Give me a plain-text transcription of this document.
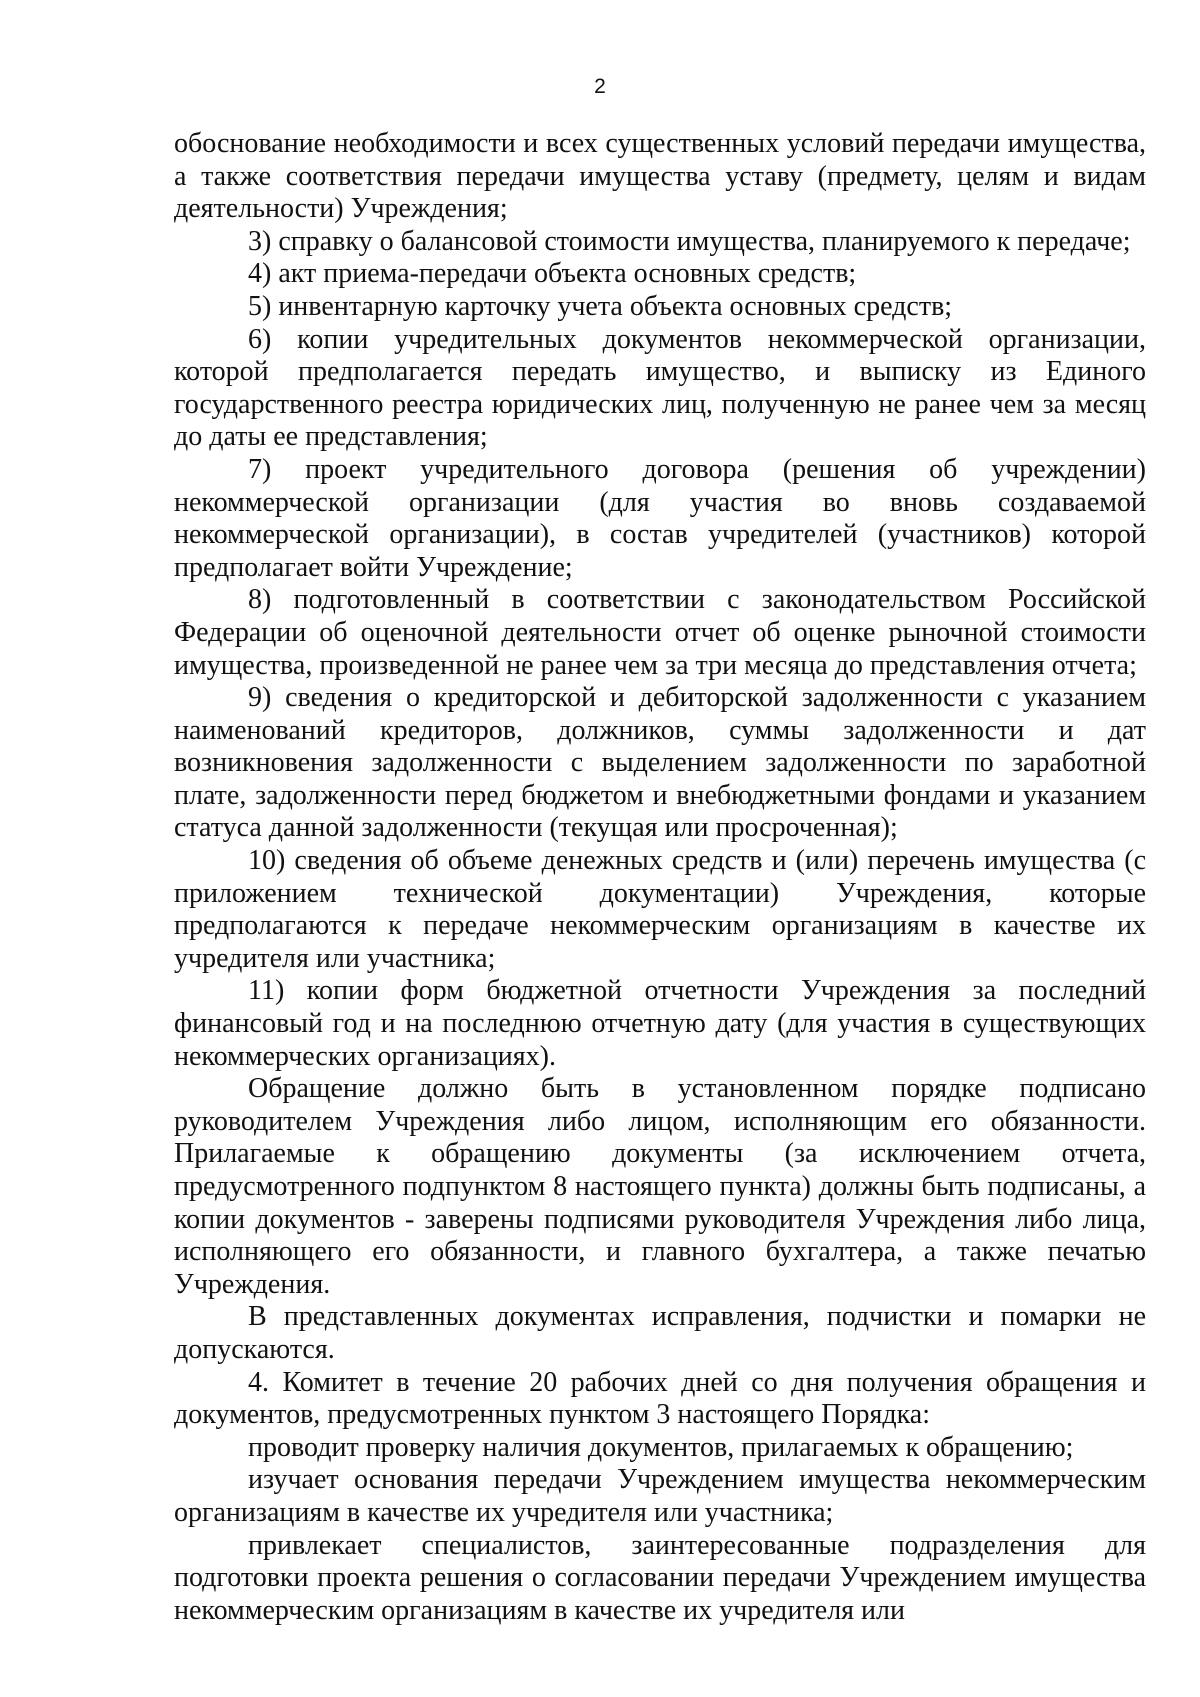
2

обоснование необходимости и всех существенных условий передачи имущества, а также соответствия передачи имущества уставу (предмету, целям и видам деятельности) Учреждения;

3) справку о балансовой стоимости имущества, планируемого к передаче;

4) акт приема-передачи объекта основных средств;

5) инвентарную карточку учета объекта основных средств;

6) копии учредительных документов некоммерческой организации, которой предполагается передать имущество, и выписку из Единого государственного реестра юридических лиц, полученную не ранее чем за месяц до даты ее представления;

7) проект учредительного договора (решения об учреждении) некоммерческой организации (для участия во вновь создаваемой некоммерческой организации), в состав учредителей (участников) которой предполагает войти Учреждение;

8) подготовленный в соответствии с законодательством Российской Федерации об оценочной деятельности отчет об оценке рыночной стоимости имущества, произведенной не ранее чем за три месяца до представления отчета;

9) сведения о кредиторской и дебиторской задолженности с указанием наименований кредиторов, должников, суммы задолженности и дат возникновения задолженности с выделением задолженности по заработной плате, задолженности перед бюджетом и внебюджетными фондами и указанием статуса данной задолженности (текущая или просроченная);

10) сведения об объеме денежных средств и (или) перечень имущества (с приложением технической документации) Учреждения, которые предполагаются к передаче некоммерческим организациям в качестве их учредителя или участника;

11) копии форм бюджетной отчетности Учреждения за последний финансовый год и на последнюю отчетную дату (для участия в существующих некоммерческих организациях).

Обращение должно быть в установленном порядке подписано руководителем Учреждения либо лицом, исполняющим его обязанности. Прилагаемые к обращению документы (за исключением отчета, предусмотренного подпунктом 8 настоящего пункта) должны быть подписаны, а копии документов - заверены подписями руководителя Учреждения либо лица, исполняющего его обязанности, и главного бухгалтера, а также печатью Учреждения.

В представленных документах исправления, подчистки и помарки не допускаются.

4. Комитет в течение 20 рабочих дней со дня получения обращения и документов, предусмотренных пунктом 3 настоящего Порядка:

проводит проверку наличия документов, прилагаемых к обращению;

изучает основания передачи Учреждением имущества некоммерческим организациям в качестве их учредителя или участника;

привлекает специалистов, заинтересованные подразделения для подготовки проекта решения о согласовании передачи Учреждением имущества некоммерческим организациям в качестве их учредителя или
